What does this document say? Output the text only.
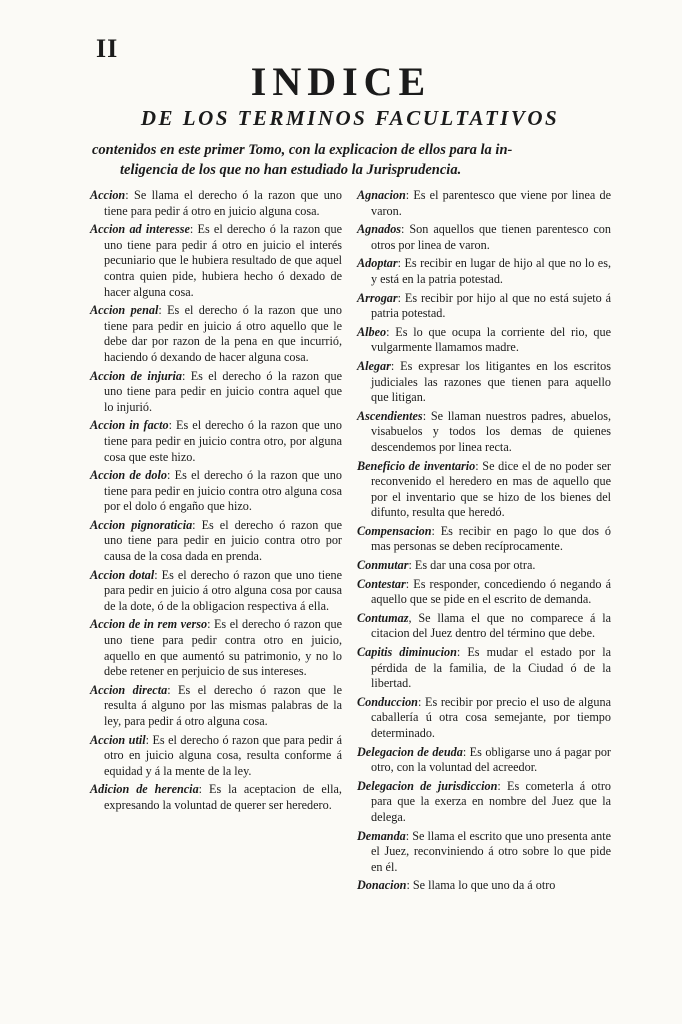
II
INDICE
DE LOS TERMINOS FACULTATIVOS

contenidos en este primer Tomo, con la explicacion de ellos para la in-
teligencia de los que no han estudiado la Jurisprudencia.

Accion: Se llama el derecho ó la razon que uno tiene para pedir á otro en juicio alguna cosa.

Accion ad interesse: Es el derecho ó la razon que uno tiene para pedir á otro en juicio el interés pecuniario que le hubiera resultado de que aquel contra quien pide, hubiera hecho ó dexado de hacer alguna cosa.

Accion penal: Es el derecho ó la razon que uno tiene para pedir en juicio á otro aquello que le debe dar por razon de la pena en que incurrió, haciendo ó dexando de hacer alguna cosa.

Accion de injuria: Es el derecho ó la razon que uno tiene para pedir en juicio contra aquel que lo injurió.

Accion in facto: Es el derecho ó la razon que uno tiene para pedir en juicio contra otro, por alguna cosa que este hizo.

Accion de dolo: Es el derecho ó la razon que uno tiene para pedir en juicio contra otro alguna cosa por el dolo ó engaño que hizo.

Accion pignoraticia: Es el derecho ó razon que uno tiene para pedir en juicio contra otro por causa de la cosa dada en prenda.

Accion dotal: Es el derecho ó razon que uno tiene para pedir en juicio á otro alguna cosa por causa de la dote, ó de la obligacion respectiva á ella.

Accion de in rem verso: Es el derecho ó razon que uno tiene para pedir contra otro en juicio, aquello en que aumentó su patrimonio, y no lo debe retener en perjuicio de sus intereses.

Accion directa: Es el derecho ó razon que le resulta á alguno por las mismas palabras de la ley, para pedir á otro alguna cosa.

Accion util: Es el derecho ó razon que para pedir á otro en juicio alguna cosa, resulta conforme á equidad y á la mente de la ley.

Adicion de herencia: Es la aceptacion de ella, expresando la voluntad de querer ser heredero.

Agnacion: Es el parentesco que viene por linea de varon.

Agnados: Son aquellos que tienen parentesco con otros por linea de varon.

Adoptar: Es recibir en lugar de hijo al que no lo es, y está en la patria potestad.

Arrogar: Es recibir por hijo al que no está sujeto á patria potestad.

Albeo: Es lo que ocupa la corriente del rio, que vulgarmente llamamos madre.

Alegar: Es expresar los litigantes en los escritos judiciales las razones que tienen para aquello que litigan.

Ascendientes: Se llaman nuestros padres, abuelos, visabuelos y todos los demas de quienes descendemos por linea recta.

Beneficio de inventario: Se dice el de no poder ser reconvenido el heredero en mas de aquello que por el inventario que se hizo de los bienes del difunto, resulta que heredó.

Compensacion: Es recibir en pago lo que dos ó mas personas se deben recíprocamente.

Conmutar: Es dar una cosa por otra.

Contestar: Es responder, concediendo ó negando á aquello que se pide en el escrito de demanda.

Contumaz, Se llama el que no comparece á la citacion del Juez dentro del término que debe.

Capitis diminucion: Es mudar el estado por la pérdida de la familia, de la Ciudad ó de la libertad.

Conduccion: Es recibir por precio el uso de alguna caballería ú otra cosa semejante, por tiempo determinado.

Delegacion de deuda: Es obligarse uno á pagar por otro, con la voluntad del acreedor.

Delegacion de jurisdiccion: Es cometerla á otro para que la exerza en nombre del Juez que la delega.

Demanda: Se llama el escrito que uno presenta ante el Juez, reconviniendo á otro sobre lo que pide en él.

Donacion: Se llama lo que uno da á otro
